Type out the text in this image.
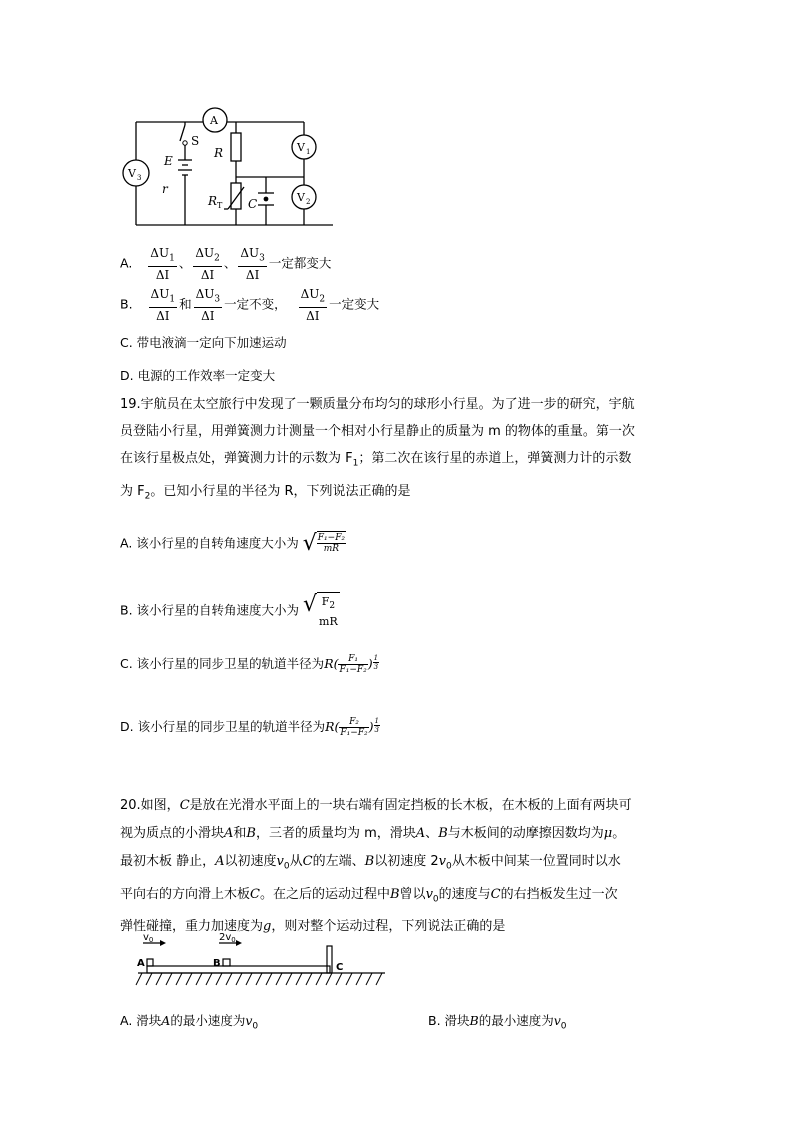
A
S
E
r
R
R T C
V 1
V 2
V 3
A. $\frac{\Delta U_1}{\Delta I}$ 、 $\frac{\Delta U_2}{\Delta I}$ 、 $\frac{\Delta U_3}{\Delta I}$ 一定都变大
B. $\frac{\Delta U_1}{\Delta I}$ 和 $\frac{\Delta U_3}{\Delta I}$ 一定不变， $\frac{\Delta U_2}{\Delta I}$ 一定变大
C. 带电液滴一定向下加速运动
D. 电源的工作效率一定变大
19.宇航员在太空旅行中发现了一颗质量分布均匀的球形小行星。为了进一步的研究，宇航
员登陆小行星，用弹簧测力计测量一个相对小行星静止的质量为 m 的物体的重量。第一次
在该行星极点处，弹簧测力计的示数为 $F_1$；第二次在该行星的赤道上，弹簧测力计的示数
为 $F_2$。已知小行星的半径为 R，下列说法正确的是
A. 该小行星的自转角速度大小为 √ $\frac{\text{F₁−F₂}}{mR}$
B. 该小行星的自转角速度大小为 √ $F_2$
mR
C. 该小行星的同步卫星的轨道半径为$R( \frac{\text{F₁}}{\text{F₁−F₂}}$ ) $^{\frac{1}{3}}$
D. 该小行星的同步卫星的轨道半径为$R( \frac{\text{F₂}}{\text{F₁−F₂}}$ ) $^{\frac{1}{3}}$
20.如图，C是放在光滑水平面上的一块右端有固定挡板的长木板，在木板的上面有两块可
视为质点的小滑块A和B，三者的质量均为 m，滑块A、B与木板间的动摩擦因数均为μ。
最初木板 静止，A以初速度$v_0$从C的左端、B以初速度 $2v_0$从木板中间某一位置同时以水
平向右的方向滑上木板C。在之后的运动过程中B曾以$v_0$的速度与C的右挡板发生过一次
弹性碰撞，重力加速度为g，则对整个运动过程，下列说法正确的是
$v_0$	$2v_0$
A	B	C
A. 滑块A的最小速度为$v_0$	B. 滑块B的最小速度为$v_0$
